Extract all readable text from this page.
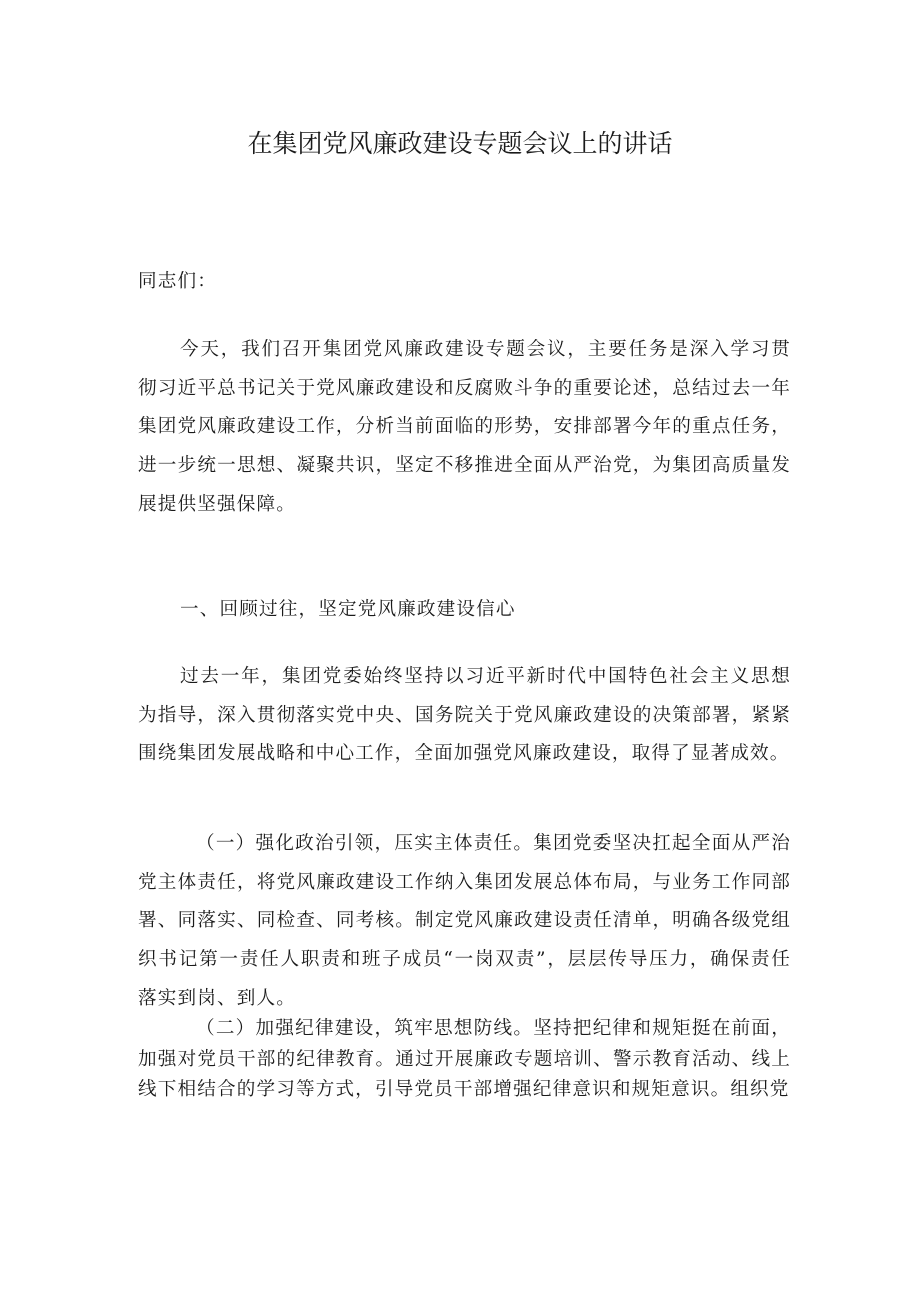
在集团党风廉政建设专题会议上的讲话

同志们：

今天，我们召开集团党风廉政建设专题会议，主要任务是深入学习贯彻习近平总书记关于党风廉政建设和反腐败斗争的重要论述，总结过去一年集团党风廉政建设工作，分析当前面临的形势，安排部署今年的重点任务，进一步统一思想、凝聚共识，坚定不移推进全面从严治党，为集团高质量发展提供坚强保障。

一、回顾过往，坚定党风廉政建设信心

过去一年，集团党委始终坚持以习近平新时代中国特色社会主义思想为指导，深入贯彻落实党中央、国务院关于党风廉政建设的决策部署，紧紧围绕集团发展战略和中心工作，全面加强党风廉政建设，取得了显著成效。

（一）强化政治引领，压实主体责任。集团党委坚决扛起全面从严治党主体责任，将党风廉政建设工作纳入集团发展总体布局，与业务工作同部署、同落实、同检查、同考核。制定党风廉政建设责任清单，明确各级党组织书记第一责任人职责和班子成员“一岗双责”，层层传导压力，确保责任落实到岗、到人。

（二）加强纪律建设，筑牢思想防线。坚持把纪律和规矩挺在前面，加强对党员干部的纪律教育。通过开展廉政专题培训、警示教育活动、线上线下相结合的学习等方式，引导党员干部增强纪律意识和规矩意识。组织党
